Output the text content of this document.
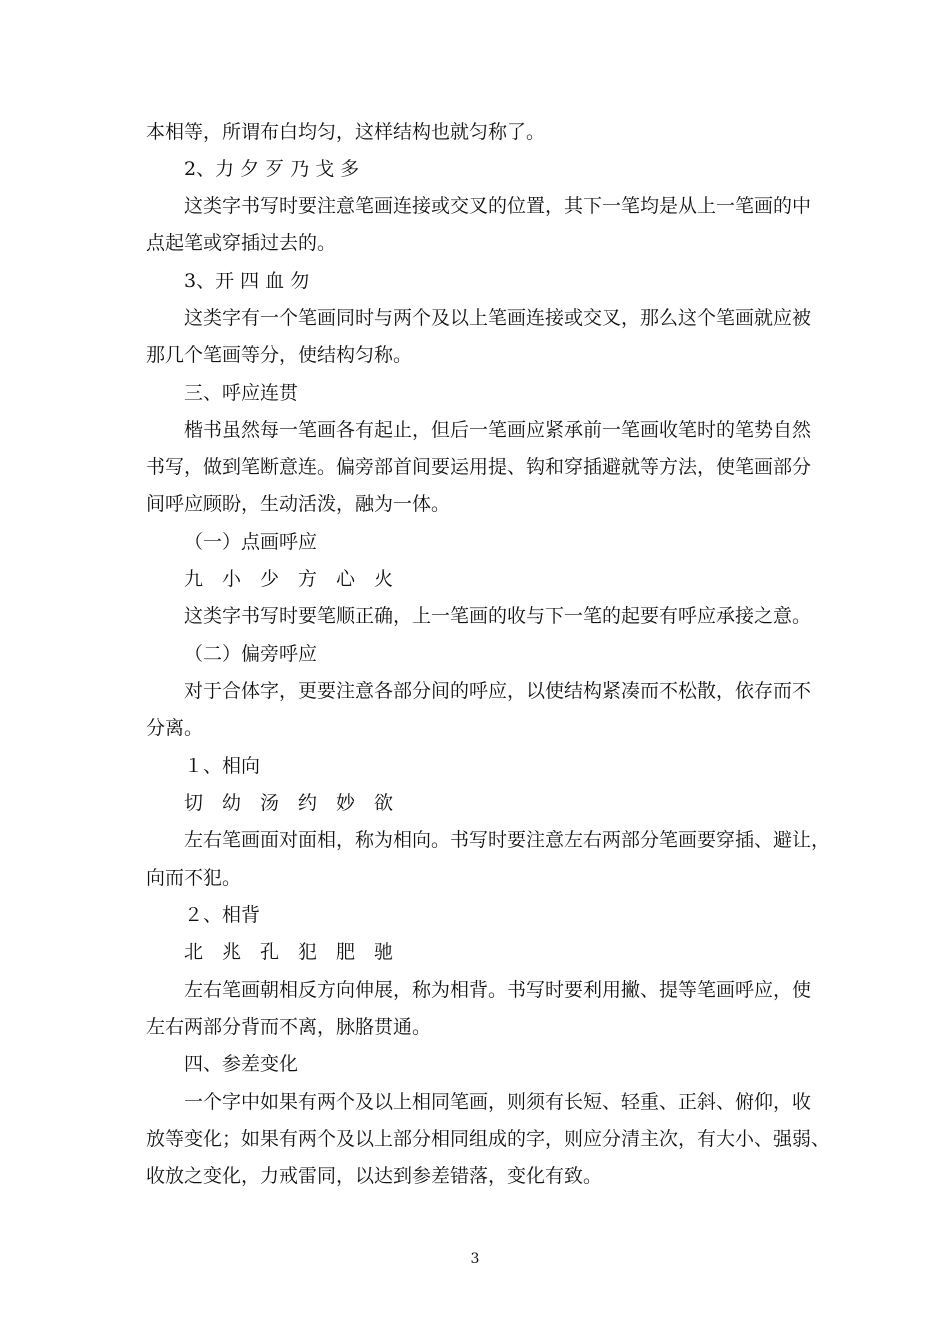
本相等，所谓布白均匀，这样结构也就匀称了。
2、力 夕 歹 乃 戈 多
这类字书写时要注意笔画连接或交叉的位置，其下一笔均是从上一笔画的中
点起笔或穿插过去的。
3、开 四 血 勿
这类字有一个笔画同时与两个及以上笔画连接或交叉，那么这个笔画就应被
那几个笔画等分，使结构匀称。
三、呼应连贯
楷书虽然每一笔画各有起止，但后一笔画应紧承前一笔画收笔时的笔势自然
书写，做到笔断意连。偏旁部首间要运用提、钩和穿插避就等方法，使笔画部分
间呼应顾盼，生动活泼，融为一体。
（一）点画呼应
九　小　少　方　心　火
这类字书写时要笔顺正确，上一笔画的收与下一笔的起要有呼应承接之意。
（二）偏旁呼应
对于合体字，更要注意各部分间的呼应，以使结构紧凑而不松散，依存而不
分离。
１、相向
切　幼　汤　约　妙　欲
左右笔画面对面相，称为相向。书写时要注意左右两部分笔画要穿插、避让，
向而不犯。
２、相背
北　兆　孔　犯　肥　驰
左右笔画朝相反方向伸展，称为相背。书写时要利用撇、提等笔画呼应，使
左右两部分背而不离，脉胳贯通。
四、参差变化
一个字中如果有两个及以上相同笔画，则须有长短、轻重、正斜、俯仰，收
放等变化；如果有两个及以上部分相同组成的字，则应分清主次，有大小、强弱、
收放之变化，力戒雷同，以达到参差错落，变化有致。
3
